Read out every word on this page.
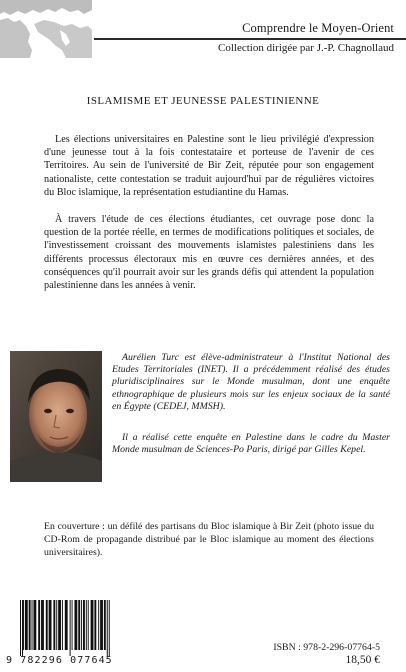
Comprendre le Moyen-Orient
Collection dirigée par J.-P. Chagnollaud
ISLAMISME ET JEUNESSE PALESTINIENNE

Les élections universitaires en Palestine sont le lieu privilégié d'expression d'une jeunesse tout à la fois contestataire et porteuse de l'avenir de ces Territoires. Au sein de l'université de Bir Zeit, réputée pour son engagement nationaliste, cette contestation se traduit aujourd'hui par de régulières victoires du Bloc islamique, la représentation estudiantine du Hamas.

À travers l'étude de ces élections étudiantes, cet ouvrage pose donc la question de la portée réelle, en termes de modifications politiques et sociales, de l'investissement croissant des mouvements islamistes palestiniens dans les différents processus électoraux mis en œuvre ces dernières années, et des conséquences qu'il pourrait avoir sur les grands défis qui attendent la population palestinienne dans les années à venir.

Aurélien Turc est élève-administrateur à l'Institut National des Etudes Territoriales (INET). Il a précédemment réalisé des études pluridisciplinaires sur le Monde musulman, dont une enquête ethnographique de plusieurs mois sur les enjeux sociaux de la santé en Égypte (CEDEJ, MMSH).

Il a réalisé cette enquête en Palestine dans le cadre du Master Monde musulman de Sciences-Po Paris, dirigé par Gilles Kepel.

En couverture : un défilé des partisans du Bloc islamique à Bir Zeit (photo issue du CD-Rom de propagande distribué par le Bloc islamique au moment des élections universitaires).

9 782296 077645
ISBN : 978-2-296-07764-5
18,50 €
